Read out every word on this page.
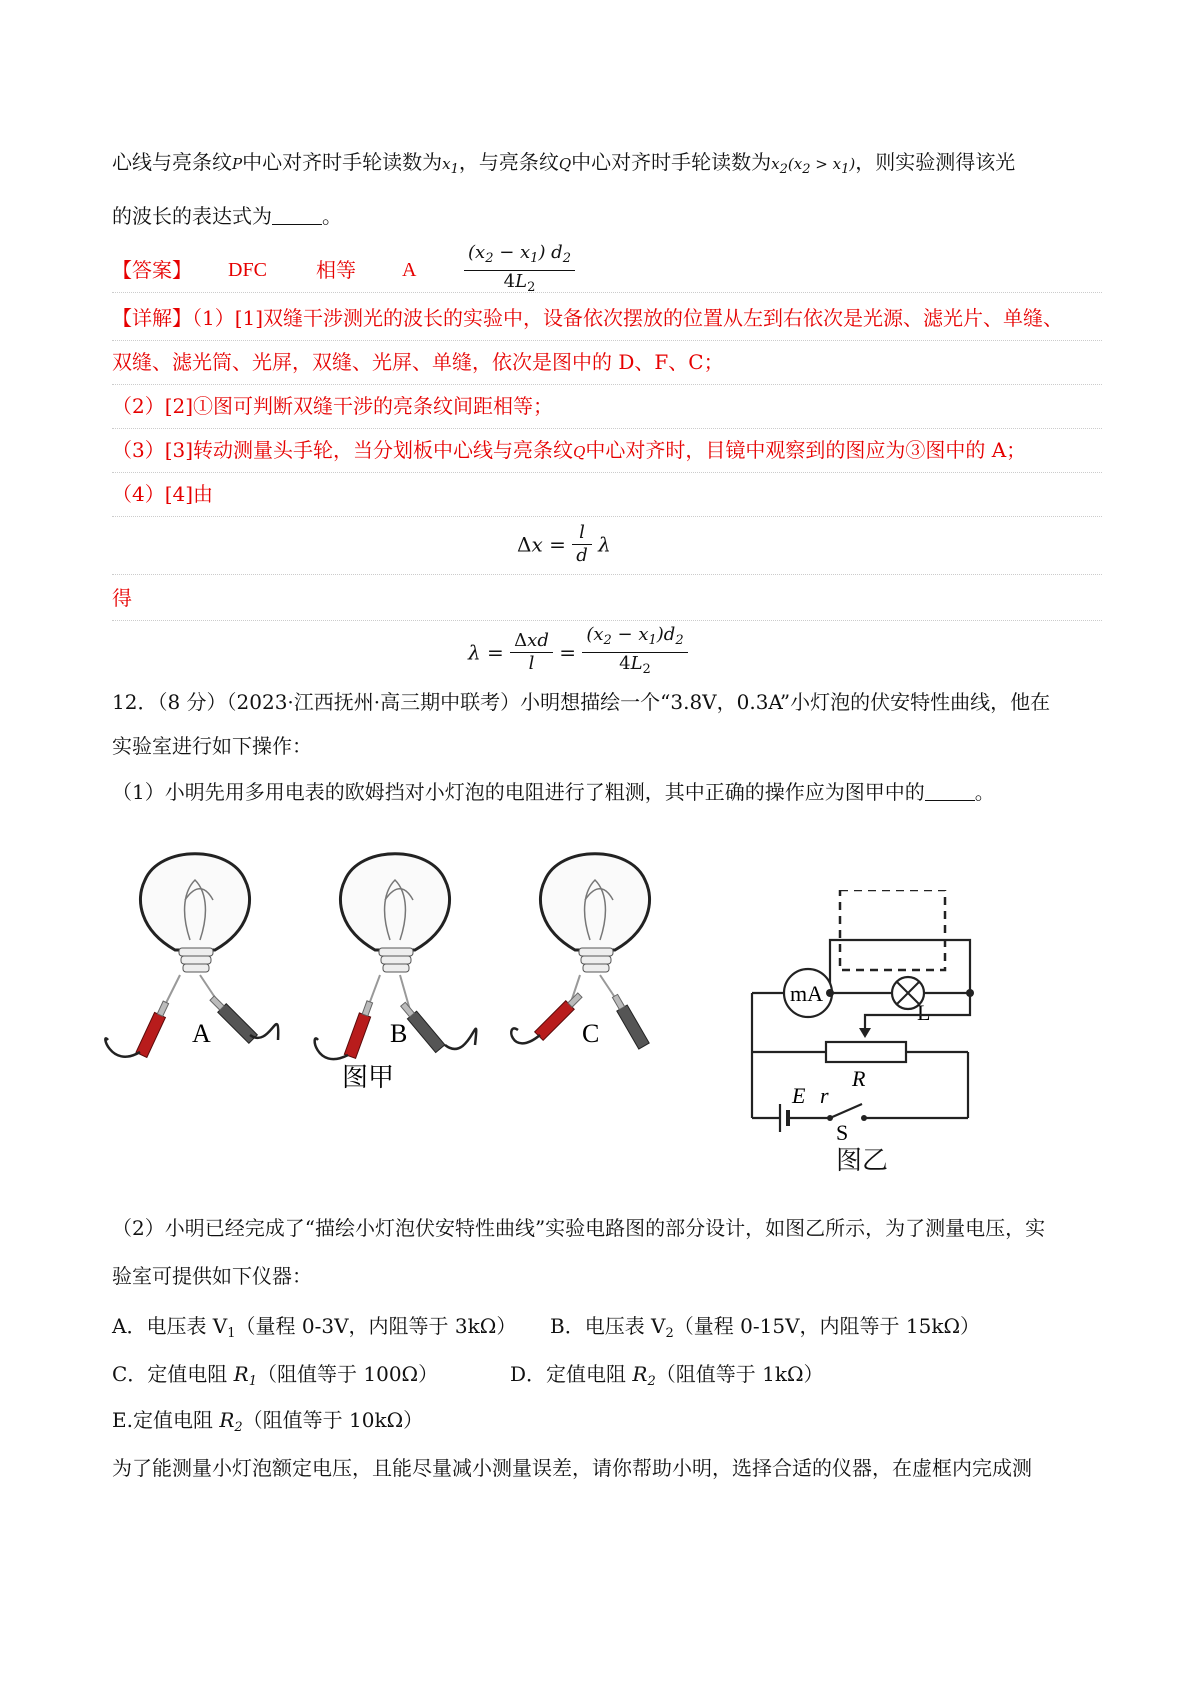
心线与亮条纹P中心对齐时手轮读数为x1，与亮条纹Q中心对齐时手轮读数为x2(x2 > x1)，则实验测得该光
的波长的表达式为	。
【答案】 DFC 相等 A	$\frac{(x_2 - x_1) d_2}{4L_2}$
【详解】（1）[1]双缝干涉测光的波长的实验中，设备依次摆放的位置从左到右依次是光源、滤光片、单缝、
双缝、滤光筒、光屏，双缝、光屏、单缝，依次是图中的 D、F、C；
（2）[2]①图可判断双缝干涉的亮条纹间距相等；
（3）[3]转动测量头手轮，当分划板中心线与亮条纹Q中心对齐时，目镜中观察到的图应为③图中的 A；
（4）[4]由
$\Delta x = \frac{l}{d}$ λ
得
$\lambda = \frac{\text{Δxd}}{l} = \frac{(x_2 - x_1)d_2}{4L_2}$
12．（8 分）（2023·江西抚州·高三期中联考）小明想描绘一个“3.8V，0.3A”小灯泡的伏安特性曲线，他在
实验室进行如下操作：
（1）小明先用多用电表的欧姆挡对小灯泡的电阻进行了粗测，其中正确的操作应为图甲中的	。
A	B	C
图甲
mA
L
R
E r
S
图乙
（2）小明已经完成了“描绘小灯泡伏安特性曲线”实验电路图的部分设计，如图乙所示，为了测量电压，实
验室可提供如下仪器：
A．电压表 $V_1$（量程 0-3V，内阻等于 3kΩ） B．电压表 $V_2$（量程 0-15V，内阻等于 15kΩ）
C．定值电阻 $R_1$（阻值等于 100Ω）	D．定值电阻 $R_2$（阻值等于 1kΩ）
E.定值电阻 $R_2$（阻值等于 10kΩ）
为了能测量小灯泡额定电压，且能尽量减小测量误差，请你帮助小明，选择合适的仪器，在虚框内完成测
